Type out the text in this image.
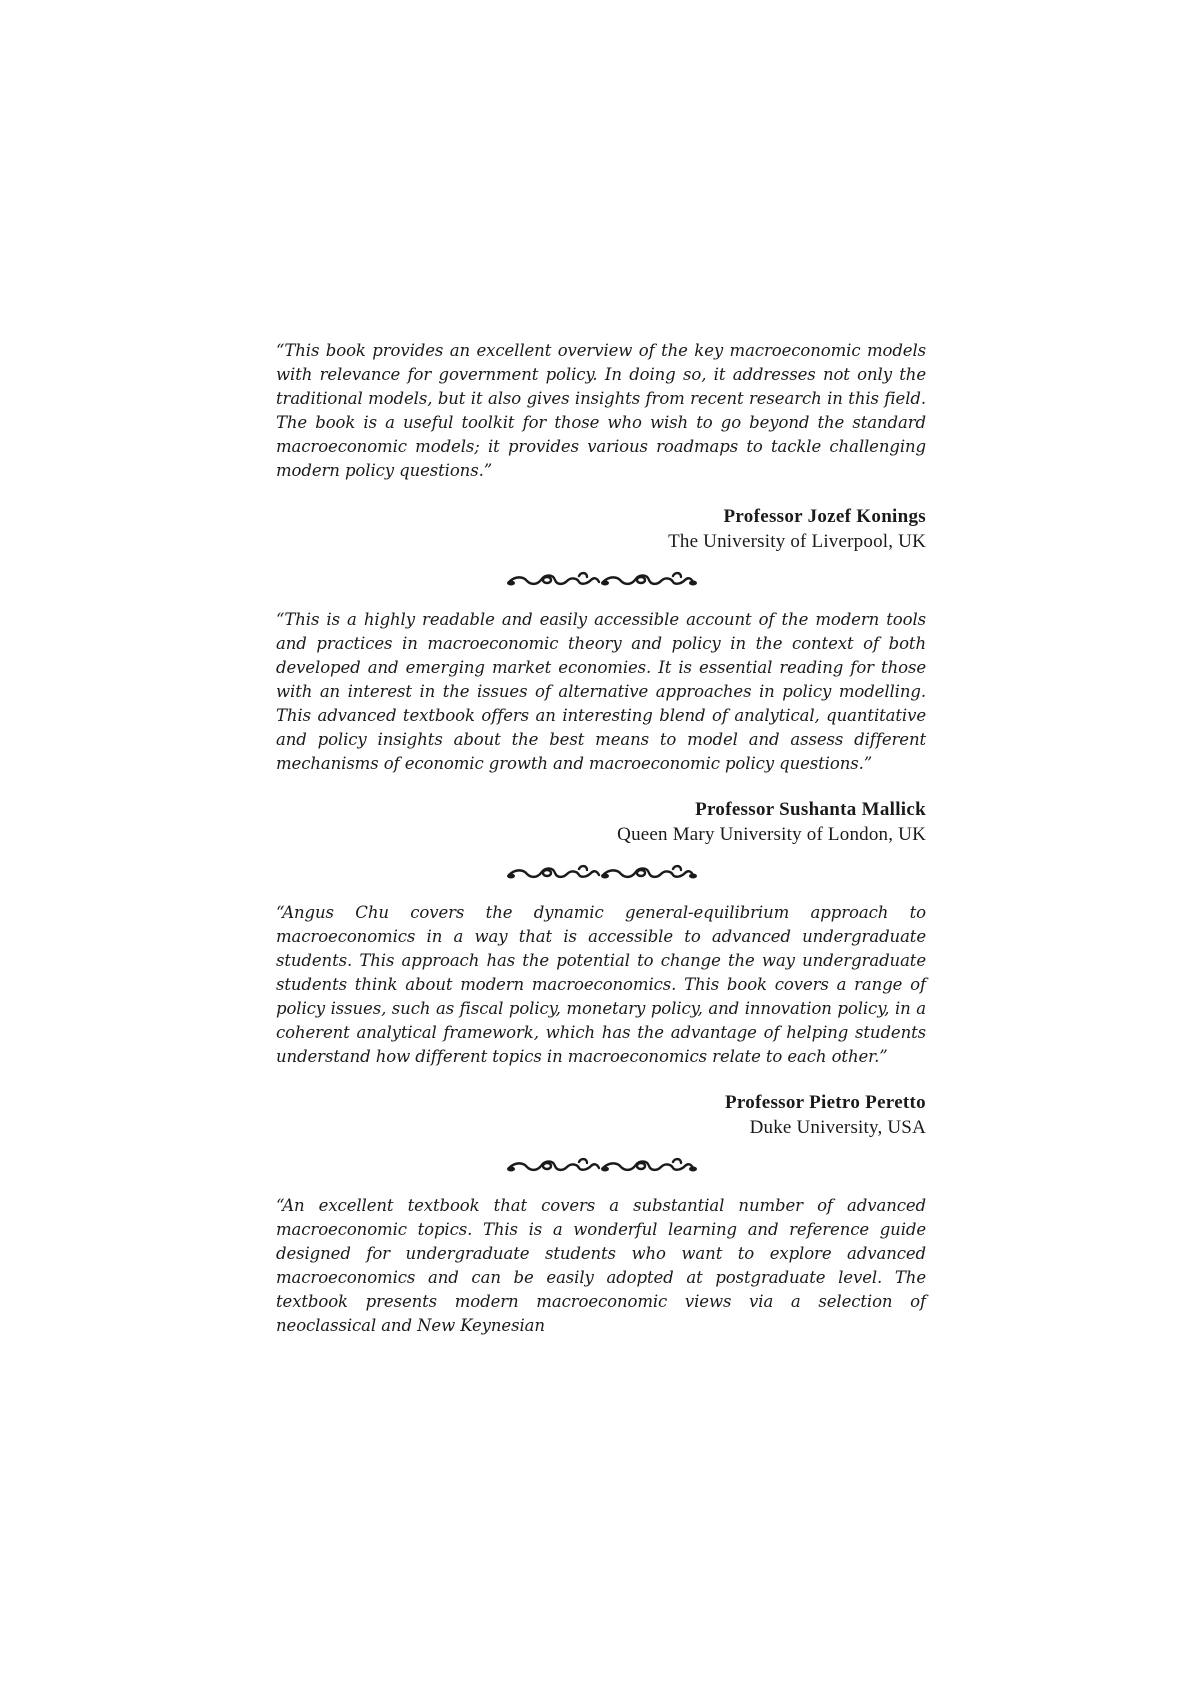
“This book provides an excellent overview of the key macroeconomic models with relevance for government policy. In doing so, it addresses not only the traditional models, but it also gives insights from recent research in this field. The book is a useful toolkit for those who wish to go beyond the standard macroeconomic models; it provides various roadmaps to tackle challenging modern policy questions.”

Professor Jozef Konings
The University of Liverpool, UK

“This is a highly readable and easily accessible account of the modern tools and practices in macroeconomic theory and policy in the context of both developed and emerging market economies. It is essential reading for those with an interest in the issues of alternative approaches in policy modelling. This advanced textbook offers an interesting blend of analytical, quantitative and policy insights about the best means to model and assess different mechanisms of economic growth and macroeconomic policy questions.”

Professor Sushanta Mallick
Queen Mary University of London, UK

“Angus Chu covers the dynamic general-equilibrium approach to macroeconomics in a way that is accessible to advanced undergraduate students. This approach has the potential to change the way undergraduate students think about modern macroeconomics. This book covers a range of policy issues, such as fiscal policy, monetary policy, and innovation policy, in a coherent analytical framework, which has the advantage of helping students understand how different topics in macroeconomics relate to each other.”

Professor Pietro Peretto
Duke University, USA

“An excellent textbook that covers a substantial number of advanced macroeconomic topics. This is a wonderful learning and reference guide designed for undergraduate students who want to explore advanced macroeconomics and can be easily adopted at postgraduate level. The textbook presents modern macroeconomic views via a selection of neoclassical and New Keynesian
